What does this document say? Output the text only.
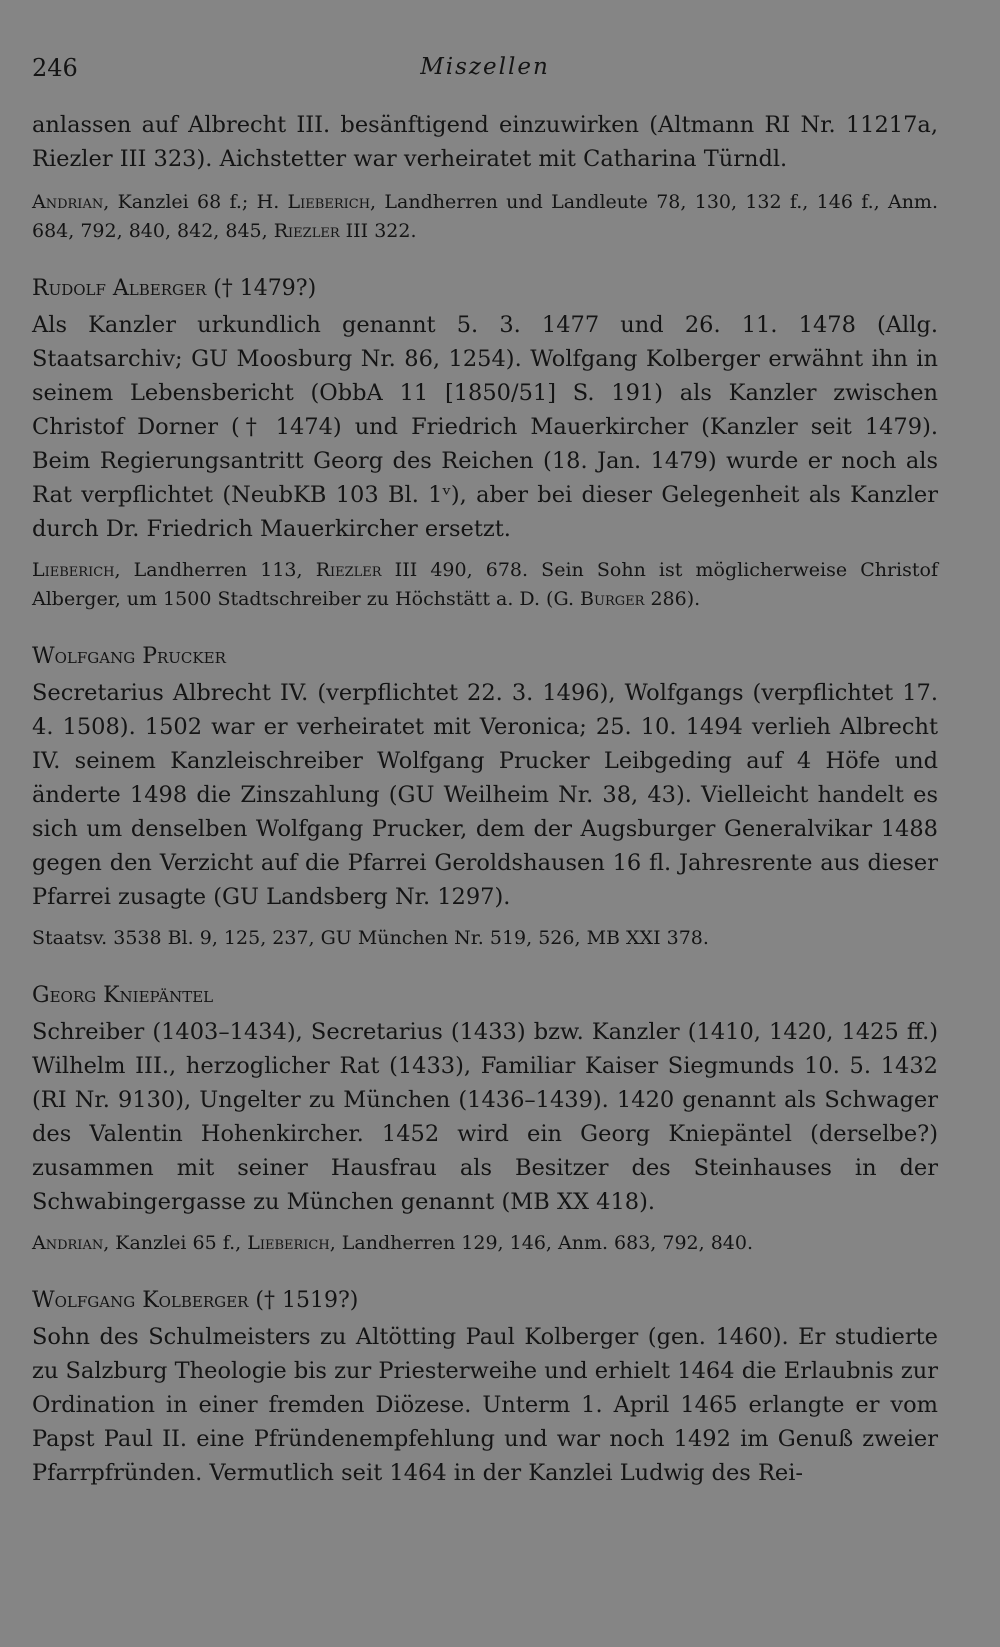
246	Miszellen

anlassen auf Albrecht III. besänftigend einzuwirken (Altmann RI Nr. 11217a, Riezler III 323). Aichstetter war verheiratet mit Catharina Türndl.

Andrian, Kanzlei 68 f.; H. Lieberich, Landherren und Landleute 78, 130, 132 f., 146 f., Anm. 684, 792, 840, 842, 845, Riezler III 322.

Rudolf Alberger († 1479?)

Als Kanzler urkundlich genannt 5. 3. 1477 und 26. 11. 1478 (Allg. Staatsarchiv; GU Moosburg Nr. 86, 1254). Wolfgang Kolberger erwähnt ihn in seinem Lebensbericht (ObbA 11 [1850/51] S. 191) als Kanzler zwischen Christof Dorner († 1474) und Friedrich Mauerkircher (Kanzler seit 1479). Beim Regierungsantritt Georg des Reichen (18. Jan. 1479) wurde er noch als Rat verpflichtet (NeubKB 103 Bl. 1ᵛ), aber bei dieser Gelegenheit als Kanzler durch Dr. Friedrich Mauerkircher ersetzt.

Lieberich, Landherren 113, Riezler III 490, 678. Sein Sohn ist möglicherweise Christof Alberger, um 1500 Stadtschreiber zu Höchstätt a. D. (G. Burger 286).

Wolfgang Prucker

Secretarius Albrecht IV. (verpflichtet 22. 3. 1496), Wolfgangs (verpflichtet 17. 4. 1508). 1502 war er verheiratet mit Veronica; 25. 10. 1494 verlieh Albrecht IV. seinem Kanzleischreiber Wolfgang Prucker Leibgeding auf 4 Höfe und änderte 1498 die Zinszahlung (GU Weilheim Nr. 38, 43). Vielleicht handelt es sich um denselben Wolfgang Prucker, dem der Augsburger Generalvikar 1488 gegen den Verzicht auf die Pfarrei Geroldshausen 16 fl. Jahresrente aus dieser Pfarrei zusagte (GU Landsberg Nr. 1297).

Staatsv. 3538 Bl. 9, 125, 237, GU München Nr. 519, 526, MB XXI 378.

Georg Kniepäntel

Schreiber (1403–1434), Secretarius (1433) bzw. Kanzler (1410, 1420, 1425 ff.) Wilhelm III., herzoglicher Rat (1433), Familiar Kaiser Siegmunds 10. 5. 1432 (RI Nr. 9130), Ungelter zu München (1436–1439). 1420 genannt als Schwager des Valentin Hohenkircher. 1452 wird ein Georg Kniepäntel (derselbe?) zusammen mit seiner Hausfrau als Besitzer des Steinhauses in der Schwabingergasse zu München genannt (MB XX 418).

Andrian, Kanzlei 65 f., Lieberich, Landherren 129, 146, Anm. 683, 792, 840.

Wolfgang Kolberger († 1519?)

Sohn des Schulmeisters zu Altötting Paul Kolberger (gen. 1460). Er studierte zu Salzburg Theologie bis zur Priesterweihe und erhielt 1464 die Erlaubnis zur Ordination in einer fremden Diözese. Unterm 1. April 1465 erlangte er vom Papst Paul II. eine Pfründenempfehlung und war noch 1492 im Genuß zweier Pfarrpfründen. Vermutlich seit 1464 in der Kanzlei Ludwig des Rei-
